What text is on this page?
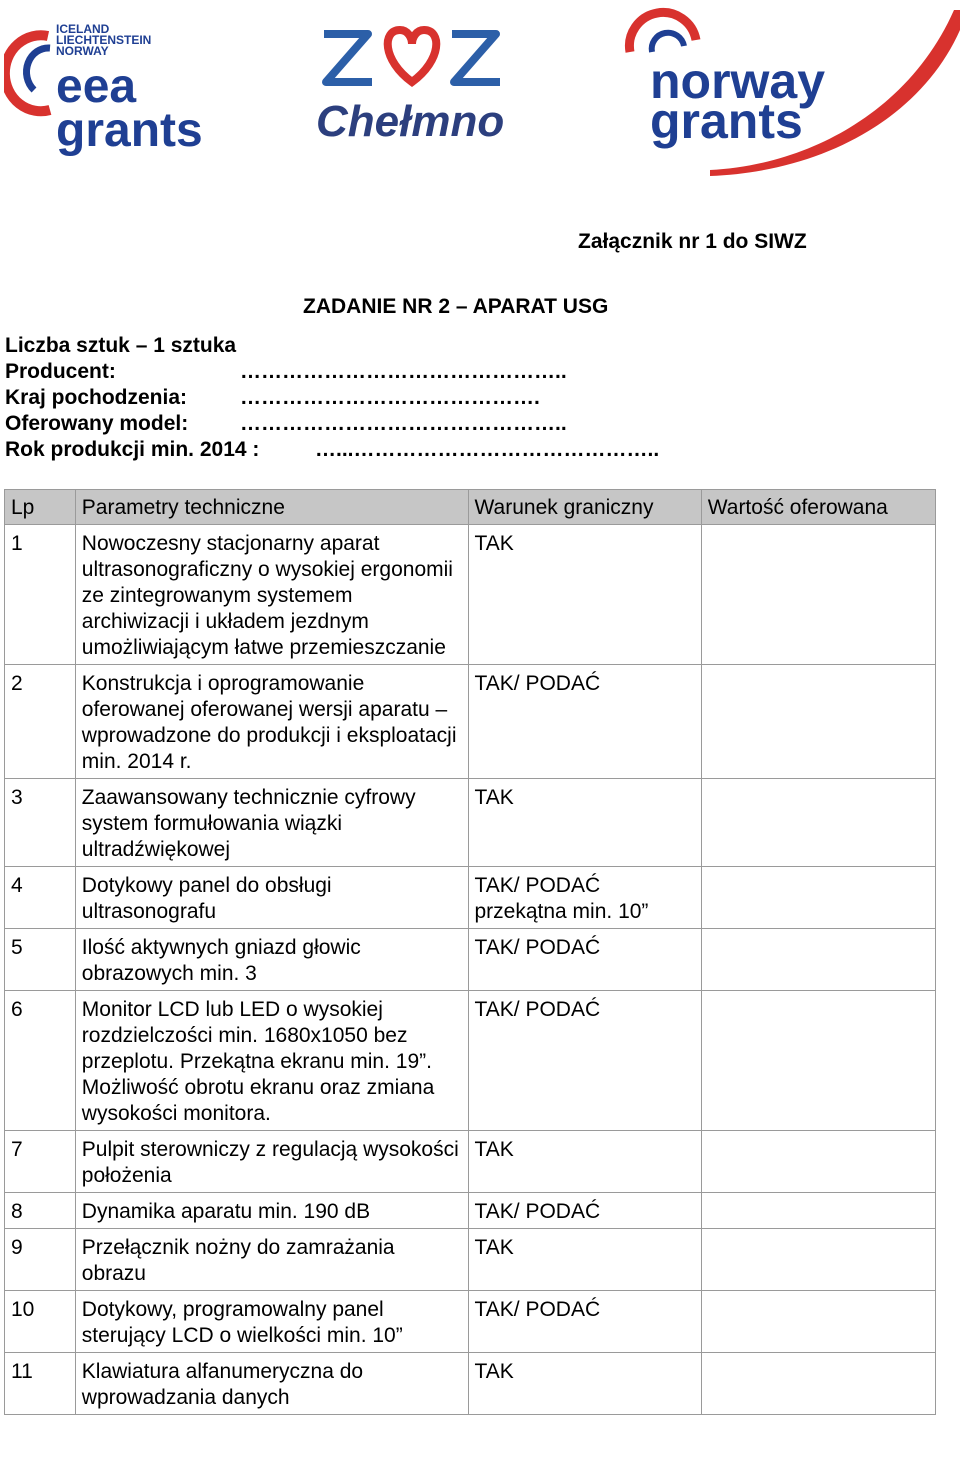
ICELAND
LIECHTENSTEIN
NORWAY
eea
grants	Chełmno
norway
grants
Załącznik nr 1 do SIWZ
ZADANIE NR 2 – APARAT USG
Liczba sztuk – 1 sztuka
Producent:	………………………………………..
Kraj pochodzenia:	…………………………………….
Oferowany model: ………………………………………..
Rok produkcji min. 2014 :	…...……………………………………..
Lp	Parametry techniczne	Warunek graniczny	Wartość oferowana
1	Nowoczesny stacjonarny aparat ultrasonograficzny o wysokiej ergonomii ze zintegrowanym systemem archiwizacji i układem jezdnym umożliwiającym łatwe przemieszczanie	TAK	
2	Konstrukcja i oprogramowanie oferowanej oferowanej wersji aparatu – wprowadzone do produkcji i eksploatacji min. 2014 r.	TAK/ PODAĆ	
3	Zaawansowany technicznie cyfrowy system formułowania wiązki ultradźwiękowej	TAK	
4	Dotykowy panel do obsługi ultrasonografu	TAK/ PODAĆ przekątna min. 10”	
5	Ilość aktywnych gniazd głowic obrazowych min. 3	TAK/ PODAĆ	
6	Monitor LCD lub LED o wysokiej rozdzielczości min. 1680x1050 bez przeplotu. Przekątna ekranu min. 19”. Możliwość obrotu ekranu oraz zmiana wysokości monitora.	TAK/ PODAĆ	
7	Pulpit sterowniczy z regulacją wysokości położenia	TAK	
8	Dynamika aparatu min. 190 dB	TAK/ PODAĆ	
9	Przełącznik nożny do zamrażania obrazu	TAK	
10	Dotykowy, programowalny panel sterujący LCD o wielkości min. 10”	TAK/ PODAĆ	
11	Klawiatura alfanumeryczna do wprowadzania danych	TAK	
